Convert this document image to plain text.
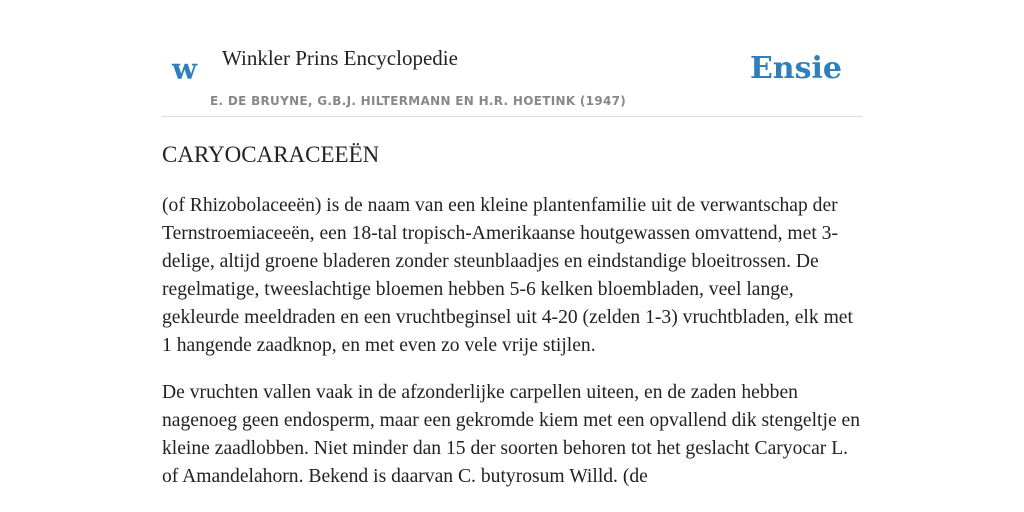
w Winkler Prins Encyclopedie
E. DE BRUYNE, G.B.J. HILTERMANN EN H.R. HOETINK (1947)
Ensie
CARYOCARACEEËN

(of Rhizobolaceeën) is de naam van een kleine plantenfamilie uit de verwantschap der Ternstroemiaceeën, een 18-tal tropisch-Amerikaanse houtgewassen omvattend, met 3-delige, altijd groene bladeren zonder steunblaadjes en eindstandige bloeitrossen. De regelmatige, tweeslachtige bloemen hebben 5-6 kelken bloembladen, veel lange, gekleurde meeldraden en een vruchtbeginsel uit 4-20 (zelden 1-3) vruchtbladen, elk met 1 hangende zaadknop, en met even zo vele vrije stijlen.

De vruchten vallen vaak in de afzonderlijke carpellen uiteen, en de zaden hebben nagenoeg geen endosperm, maar een gekromde kiem met een opvallend dik stengeltje en kleine zaadlobben. Niet minder dan 15 der soorten behoren tot het geslacht Caryocar L. of Amandelahorn. Bekend is daarvan C. butyrosum Willd. (de
